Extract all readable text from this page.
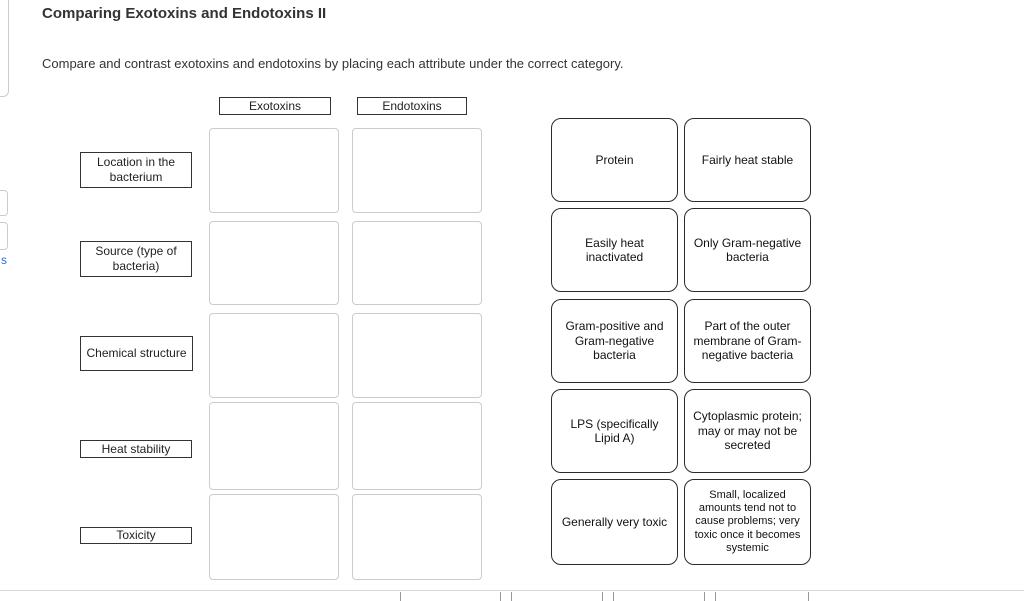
s
Comparing Exotoxins and Endotoxins II
Compare and contrast exotoxins and endotoxins by placing each attribute under the correct category.
Exotoxins	Endotoxins
Location in the bacterium
Source (type of bacteria)
Chemical structure
Heat stability
Toxicity
Protein	Fairly heat stable
Easily heat inactivated
Only Gram-negative bacteria
Gram-positive and Gram-negative bacteria
Part of the outer membrane of Gram-negative bacteria
LPS (specifically Lipid A)
Cytoplasmic protein; may or may not be secreted
Generally very toxic
Small, localized amounts tend not to cause problems; very toxic once it becomes systemic
